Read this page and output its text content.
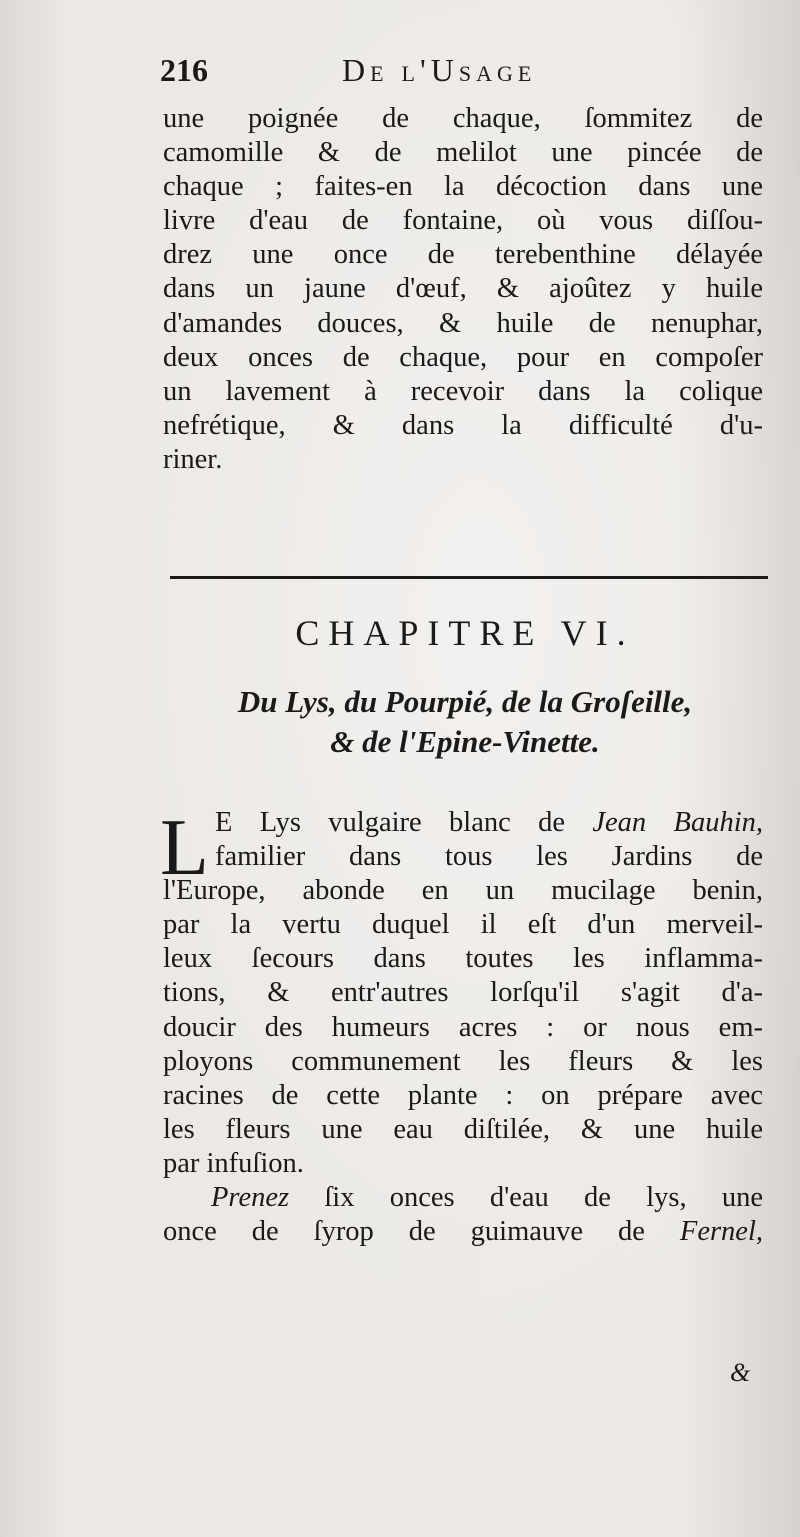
216	De l'Usage
une poignée de chaque, ſommitez de
camomille & de melilot une pincée de
chaque ; faites-en la décoction dans une
livre d'eau de fontaine, où vous diſſou-
drez une once de terebenthine délayée
dans un jaune d'œuf, & ajoûtez y huile
d'amandes douces, & huile de nenuphar,
deux onces de chaque, pour en compoſer
un lavement à recevoir dans la colique
nefrétique, & dans la difficulté d'u-
riner.
CHAPITRE VI.
Du Lys, du Pourpié, de la Groſeille,
& de l'Epine-Vinette.
L E Lys vulgaire blanc de Jean Bauhin,
familier dans tous les Jardins de
l'Europe, abonde en un mucilage benin,
par la vertu duquel il eſt d'un merveil-
leux ſecours dans toutes les inflamma-
tions, & entr'autres lorſqu'il s'agit d'a-
doucir des humeurs acres : or nous em-
ployons communement les fleurs & les
racines de cette plante : on prépare avec
les fleurs une eau diſtilée, & une huile
par infuſion.
Prenez ſix onces d'eau de lys, une
once de ſyrop de guimauve de Fernel,
&
